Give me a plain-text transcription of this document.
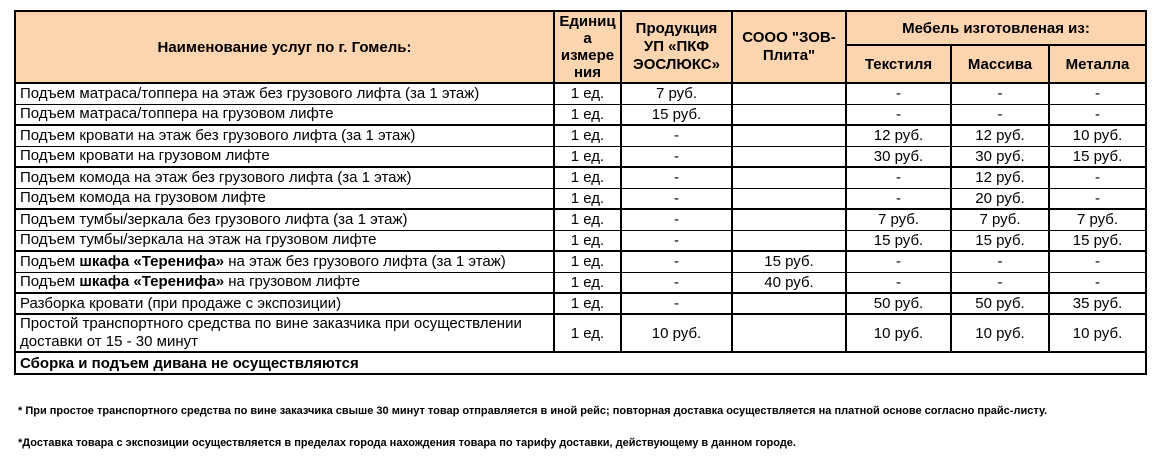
Наименование услуг по г. Гомель:	Единица измерения	Продукция УП «ПКФ ЭОСЛЮКС»	СООО "ЗОВ-Плита"	Мебель изготовленая из:		
				Текстиля	Массива	Металла
Подъем матраса/топпера на этаж без грузового лифта (за 1 этаж)	1 ед.	7 руб.		-	-	-
Подъем матраса/топпера на грузовом лифте	1 ед.	15 руб.		-	-	-
Подъем кровати на этаж без грузового лифта (за 1 этаж)	1 ед.	-		12 руб.	12 руб.	10 руб.
Подъем кровати на грузовом лифте	1 ед.	-		30 руб.	30 руб.	15 руб.
Подъем комода на этаж без грузового лифта (за 1 этаж)	1 ед.	-		-	12 руб.	-
Подъем комода на грузовом лифте	1 ед.	-		-	20 руб.	-
Подъем тумбы/зеркала без грузового лифта (за 1 этаж)	1 ед.	-		7 руб.	7 руб.	7 руб.
Подъем тумбы/зеркала на этаж на грузовом лифте	1 ед.	-		15 руб.	15 руб.	15 руб.
Подъем шкафа «Теренифа» на этаж без грузового лифта (за 1 этаж)	1 ед.	-	15 руб.	-	-	-
Подъем шкафа «Теренифа» на грузовом лифте	1 ед.	-	40 руб.	-	-	-
Разборка кровати (при продаже с экспозиции)	1 ед.	-		50 руб.	50 руб.	35 руб.
Простой транспортного средства по вине заказчика при осуществлении доставки от 15 - 30 минут	1 ед.	10 руб.		10 руб.	10 руб.	10 руб.
Сборка и подъем дивана не осуществляются						

* При простое транспортного средства по вине заказчика свыше 30 минут товар отправляется в иной рейс; повторная доставка осуществляется на платной основе согласно прайс-листу.

*Доставка товара с экспозиции осуществляется в пределах города нахождения товара по тарифу доставки, действующему в данном городе.
